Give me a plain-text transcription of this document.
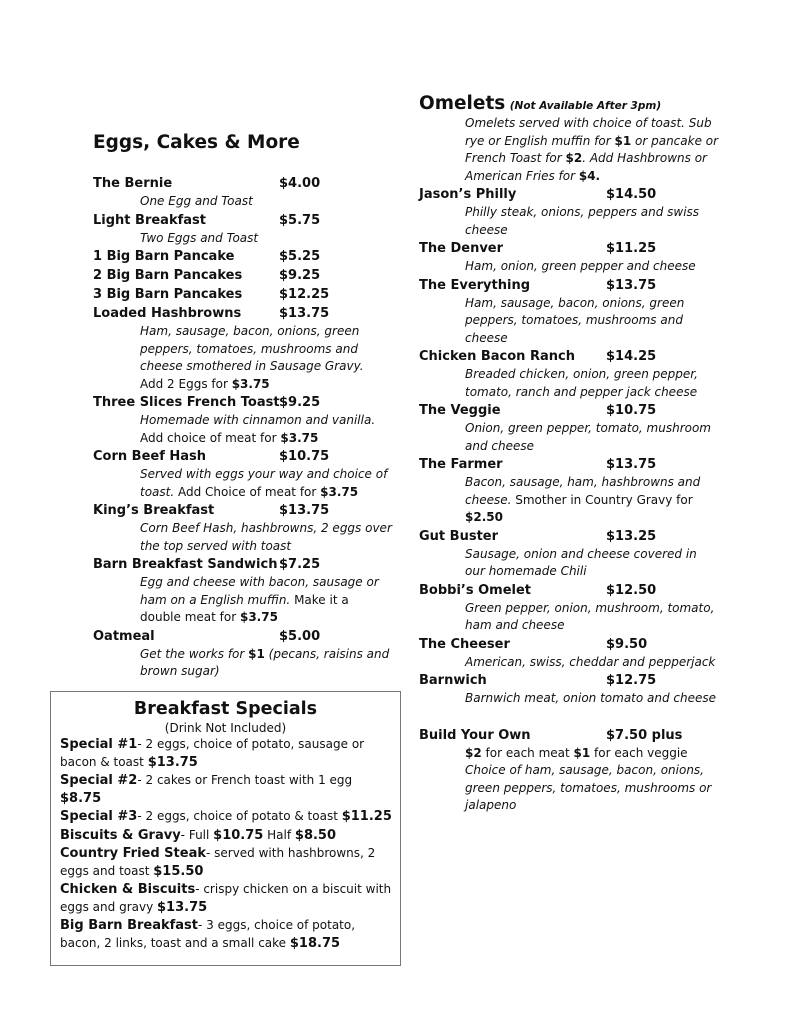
Eggs, Cakes & More
The Bernie	$4.00
One Egg and Toast
Light Breakfast	$5.75
Two Eggs and Toast
1 Big Barn Pancake	$5.25
2 Big Barn Pancakes	$9.25
3 Big Barn Pancakes	$12.25
Loaded Hashbrowns	$13.75
Ham, sausage, bacon, onions, green peppers, tomatoes, mushrooms and cheese smothered in Sausage Gravy.
Add 2 Eggs for $3.75
Three Slices French Toast $9.25
Homemade with cinnamon and vanilla. Add choice of meat for $3.75
Corn Beef Hash	$10.75
Served with eggs your way and choice of toast. Add Choice of meat for $3.75
King’s Breakfast	$13.75
Corn Beef Hash, hashbrowns, 2 eggs over the top served with toast
Barn Breakfast Sandwich $7.25
Egg and cheese with bacon, sausage or ham on a English muffin. Make it a double meat for $3.75
Oatmeal	$5.00
Get the works for $1 (pecans, raisins and brown sugar)
Breakfast Specials
(Drink Not Included)
Special #1- 2 eggs, choice of potato, sausage or bacon & toast $13.75
Special #2- 2 cakes or French toast with 1 egg $8.75
Special #3- 2 eggs, choice of potato & toast $11.25
Biscuits & Gravy- Full $10.75 Half $8.50
Country Fried Steak- served with hashbrowns, 2 eggs and toast $15.50
Chicken & Biscuits- crispy chicken on a biscuit with eggs and gravy $13.75
Big Barn Breakfast- 3 eggs, choice of potato, bacon, 2 links, toast and a small cake $18.75
Omelets (Not Available After 3pm)
Omelets served with choice of toast. Sub rye or English muffin for $1 or pancake or French Toast for $2. Add Hashbrowns or American Fries for $4.
Jason’s Philly	$14.50
Philly steak, onions, peppers and swiss cheese
The Denver	$11.25
Ham, onion, green pepper and cheese
The Everything	$13.75
Ham, sausage, bacon, onions, green peppers, tomatoes, mushrooms and cheese
Chicken Bacon Ranch	$14.25
Breaded chicken, onion, green pepper, tomato, ranch and pepper jack cheese
The Veggie	$10.75
Onion, green pepper, tomato, mushroom and cheese
The Farmer	$13.75
Bacon, sausage, ham, hashbrowns and cheese. Smother in Country Gravy for $2.50
Gut Buster	$13.25
Sausage, onion and cheese covered in our homemade Chili
Bobbi’s Omelet	$12.50
Green pepper, onion, mushroom, tomato, ham and cheese
The Cheeser	$9.50
American, swiss, cheddar and pepperjack
Barnwich	$12.75
Barnwich meat, onion tomato and cheese
Build Your Own	$7.50 plus
$2 for each meat $1 for each veggie
Choice of ham, sausage, bacon, onions, green peppers, tomatoes, mushrooms or jalapeno
